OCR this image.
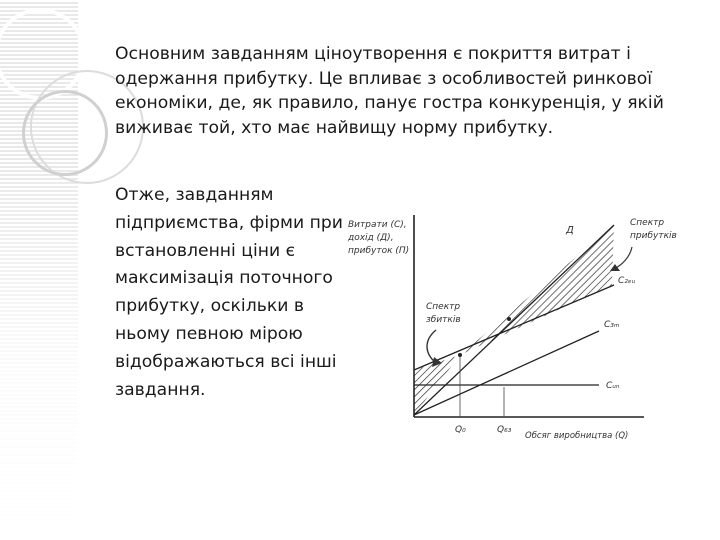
Основним завданням ціноутворення є покриття витрат і одержання прибутку. Це впливає з особливостей ринкової економіки, де, як правило, панує гостра конкуренція, у якій виживає той, хто має найвищу норму прибутку.

Отже, завданням підприємства, фірми при встановленні ціни є максимізація поточного прибутку, оскільки в ньому певною мірою відображаються всі інші завдання.

Витрати (С),
дохід (Д),
прибуток (П)
Д
Спектр
прибутків
С₂ₑᵤ
С₃ₘ
Сᵤₙ
Спектр
збитків
Q₀	Q₆₃
Обсяг виробництва (Q)
